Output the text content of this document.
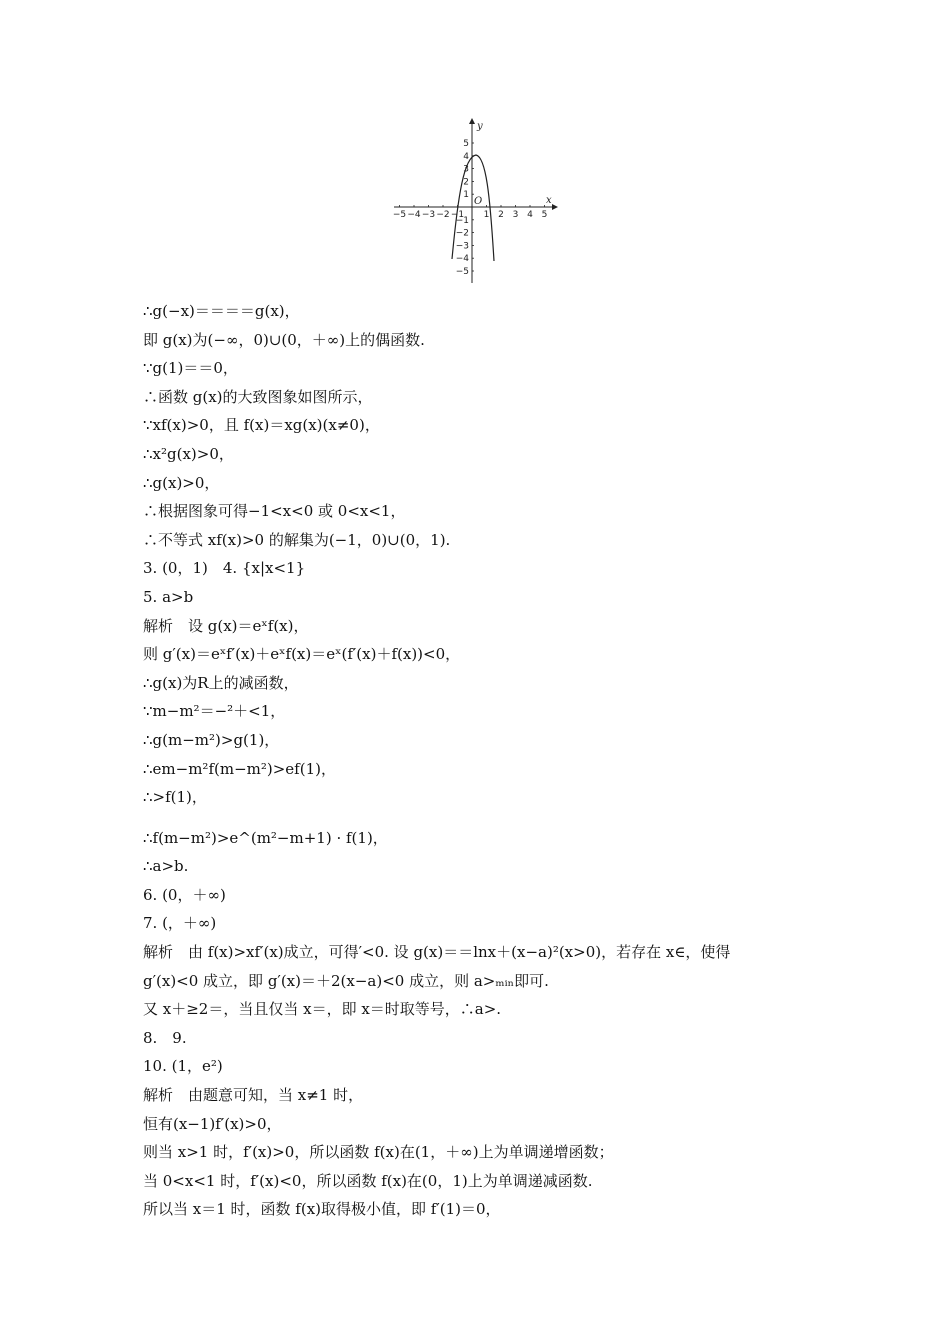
x
y
O
−5 −4 −3 −2 −1 1 2 3 4 5
5
4
3
2
1
−1
−2
−3
−4
−5
∴g(−x)＝＝＝＝g(x)，
即 g(x)为(−∞，0)∪(0，＋∞)上的偶函数.
∵g(1)＝＝0，
∴函数 g(x)的大致图象如图所示，
∵xf(x)>0，且 f(x)＝xg(x)(x≠0)，
∴x²g(x)>0，
∴g(x)>0，
∴根据图象可得−1<x<0 或 0<x<1，
∴不等式 xf(x)>0 的解集为(−1，0)∪(0，1).
3. (0，1)　4. {x|x<1}
5. a>b
解析　设 g(x)＝eˣf(x)，
则 g′(x)＝eˣf′(x)＋eˣf(x)＝eˣ(f′(x)＋f(x))<0，
∴g(x)为R上的减函数，
∵m−m²＝−²＋<1，
∴g(m−m²)>g(1)，
∴em−m²f(m−m²)>ef(1)，
∴>f(1)，
∴f(m−m²)>e^(m²−m+1) · f(1)，
∴a>b.
6. (0，＋∞)
7. (，＋∞)
解析　由 f(x)>xf′(x)成立，可得′<0. 设 g(x)＝＝lnx＋(x−a)²(x>0)，若存在 x∈，使得
g′(x)<0 成立，即 g′(x)＝＋2(x−a)<0 成立，则 a>ₘᵢₙ即可.
又 x＋≥2＝，当且仅当 x＝，即 x＝时取等号，∴a>.
8.　9.
10. (1，e²)
解析　由题意可知，当 x≠1 时，
恒有(x−1)f′(x)>0，
则当 x>1 时，f′(x)>0，所以函数 f(x)在(1，＋∞)上为单调递增函数；
当 0<x<1 时，f′(x)<0，所以函数 f(x)在(0，1)上为单调递减函数.
所以当 x＝1 时，函数 f(x)取得极小值，即 f′(1)＝0，
